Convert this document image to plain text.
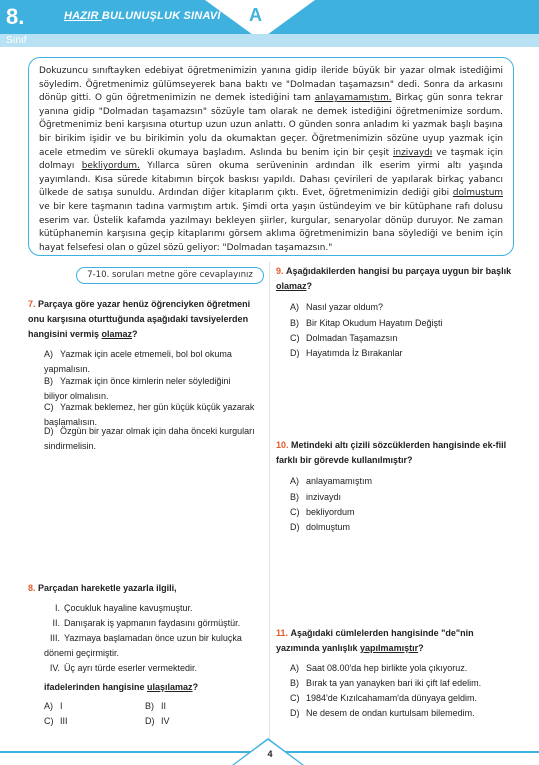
8.	HAZIR BULUNUŞLUK SINAVI A
Sınıf

Dokuzuncu sınıftayken edebiyat öğretmenimizin yanına gidip ileride büyük bir yazar olmak istediğimi söyledim. Öğretmenimiz gülümseyerek bana baktı ve "Dolmadan taşamazsın" dedi. Sonra da arkasını dönüp gitti. O gün öğretmenimizin ne demek istediğini tam anlayamamıştım. Birkaç gün sonra tekrar yanına gidip "Dolmadan taşamazsın" sözüyle tam olarak ne demek istediğini öğretmenimize sordum. Öğretmenimiz beni karşısına oturtup uzun uzun anlattı. O günden sonra anladım ki yazmak başlı başına bir birikim işidir ve bu birikimin yolu da okumaktan geçer. Öğretmenimizin sözüne uyup yazmak için acele etmedim ve sürekli okumaya başladım. Aslında bu benim için bir çeşit inzivaydı ve taşmak için dolmayı bekliyordum. Yıllarca süren okuma serüveninin ardından ilk eserim yirmi altı yaşında yayımlandı. Kısa sürede kitabımın birçok baskısı yapıldı. Dahası çevirileri de yapılarak birkaç yabancı ülkede de satışa sunuldu. Ardından diğer kitaplarım çıktı. Evet, öğretmenimizin dediği gibi dolmuştum ve bir kere taşmanın tadına varmıştım artık. Şimdi orta yaşın üstündeyim ve bir kütüphane rafı dolusu eserim var. Üstelik kafamda yazılmayı bekleyen şiirler, kurgular, senaryolar dönüp duruyor. Ne zaman kütüphanemin karşısına geçip kitaplarımı görsem aklıma öğretmenimizin bana söylediği ve benim için hayat felsefesi olan o güzel sözü geliyor: "Dolmadan taşamazsın."

7-10. soruları metne göre cevaplayınız
7. Parçaya göre yazar henüz öğrenciyken öğretmeni onu karşısına oturttuğunda aşağıdaki tavsiyelerden hangisini vermiş olamaz?
A) Yazmak için acele etmemeli, bol bol okuma yapmalısın.
B) Yazmak için önce kimlerin neler söylediğini biliyor olmalısın.
C) Yazmak beklemez, her gün küçük küçük yazarak başlamalısın.
D) Özgün bir yazar olmak için daha önceki kurguları sindirmelisin.
8. Parçadan hareketle yazarla ilgili,
I. Çocukluk hayaline kavuşmuştur.
II. Danışarak iş yapmanın faydasını görmüştür.
III. Yazmaya başlamadan önce uzun bir kuluçka dönemi geçirmiştir.
IV. Üç ayrı türde eserler vermektedir.
ifadelerinden hangisine ulaşılamaz?
A) I	B) II
C) III	D) IV
9. Aşağıdakilerden hangisi bu parçaya uygun bir başlık olamaz?
A) Nasıl yazar oldum?
B) Bir Kitap Okudum Hayatım Değişti
C) Dolmadan Taşamazsın
D) Hayatımda İz Bırakanlar
10. Metindeki altı çizili sözcüklerden hangisinde ek-fiil farklı bir görevde kullanılmıştır?
A) anlayamamıştım
B) inzivaydı
C) bekliyordum
D) dolmuştum
11. Aşağıdaki cümlelerden hangisinde "de"nin yazımında yanlışlık yapılmamıştır?
A) Saat 08.00'da hep birlikte yola çıkıyoruz.
B) Bırak ta yan yanayken bari iki çift laf edelim.
C) 1984'de Kızılcahamam'da dünyaya geldim.
D) Ne desem de ondan kurtulsam bilemedim.
4
